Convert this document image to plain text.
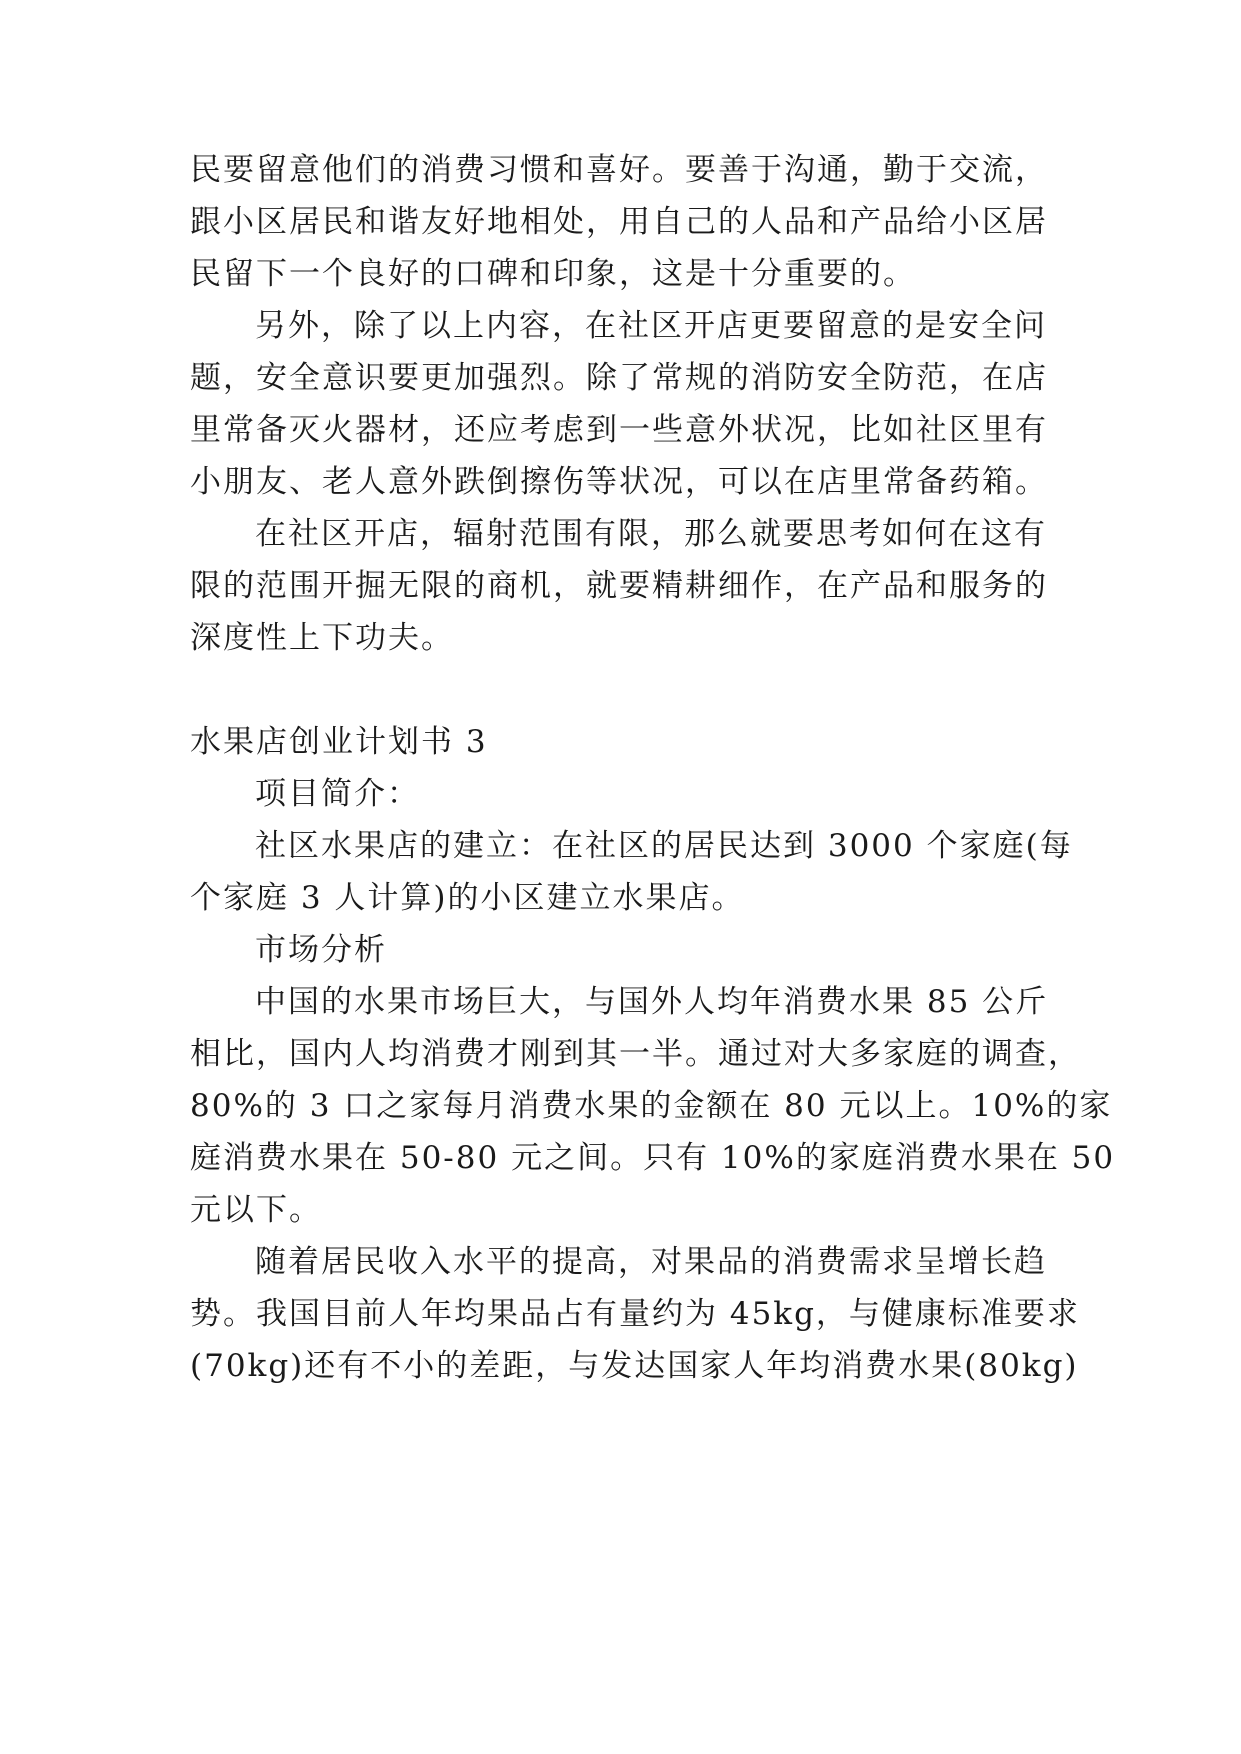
民要留意他们的消费习惯和喜好。要善于沟通，勤于交流，
跟小区居民和谐友好地相处，用自己的人品和产品给小区居
民留下一个良好的口碑和印象，这是十分重要的。
另外，除了以上内容，在社区开店更要留意的是安全问
题，安全意识要更加强烈。除了常规的消防安全防范，在店
里常备灭火器材，还应考虑到一些意外状况，比如社区里有
小朋友、老人意外跌倒擦伤等状况，可以在店里常备药箱。
在社区开店，辐射范围有限，那么就要思考如何在这有
限的范围开掘无限的商机，就要精耕细作，在产品和服务的
深度性上下功夫。
水果店创业计划书 3
项目简介：
社区水果店的建立：在社区的居民达到 3000 个家庭(每
个家庭 3 人计算)的小区建立水果店。
市场分析
中国的水果市场巨大，与国外人均年消费水果 85 公斤
相比，国内人均消费才刚到其一半。通过对大多家庭的调查，
80%的 3 口之家每月消费水果的金额在 80 元以上。10%的家
庭消费水果在 50-80 元之间。只有 10%的家庭消费水果在 50
元以下。
随着居民收入水平的提高，对果品的消费需求呈增长趋
势。我国目前人年均果品占有量约为 45kg，与健康标准要求
(70kg)还有不小的差距，与发达国家人年均消费水果(80kg)
